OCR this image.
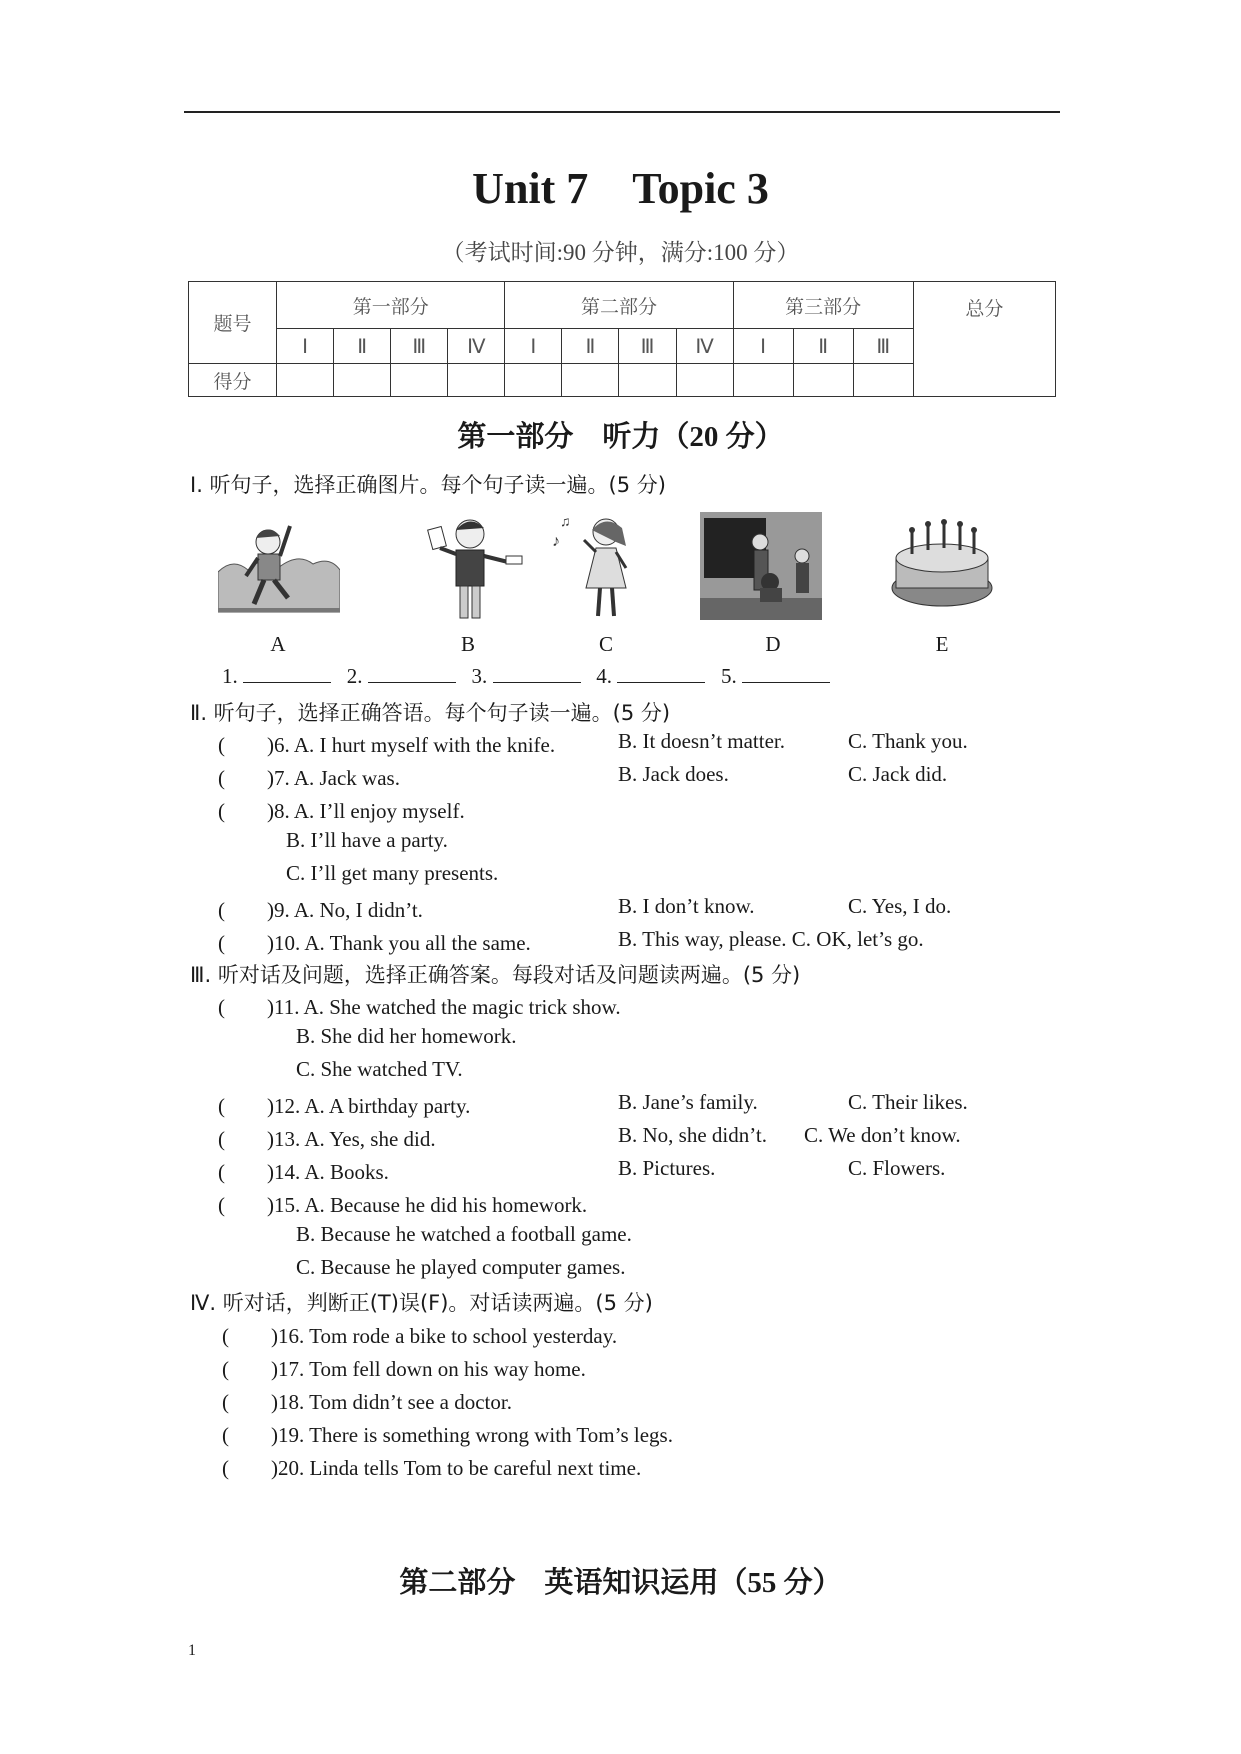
Unit 7　Topic 3
（考试时间:90 分钟，满分:100 分）
题号	第一部分				第二部分				第三部分			总分
	Ⅰ	Ⅱ	Ⅲ	Ⅳ	Ⅰ	Ⅱ	Ⅲ	Ⅳ	Ⅰ	Ⅱ	Ⅲ	
得分												
第一部分　听力（20 分）
Ⅰ. 听句子，选择正确图片。每个句子读一遍。(5 分)
A	B
♪
♫
C	D	E
1.	2.	3.	4.	5.
Ⅱ. 听句子，选择正确答语。每个句子读一遍。(5 分)
(　　)6. A. I hurt myself with the knife.	B. It doesn’t matter.	C. Thank you.
(　　)7. A. Jack was.	B. Jack does.	C. Jack did.
(　　)8. A. I’ll enjoy myself.
B. I’ll have a party.
C. I’ll get many presents.
(　　)9. A. No, I didn’t.	B. I don’t know.	C. Yes, I do.
(　　)10. A. Thank you all the same.	B. This way, please. C. OK, let’s go.
Ⅲ. 听对话及问题，选择正确答案。每段对话及问题读两遍。(5 分)
(　　)11. A. She watched the magic trick show.
B. She did her homework.
C. She watched TV.
(　　)12. A. A birthday party.	B. Jane’s family.	C. Their likes.
(　　)13. A. Yes, she did.	B. No, she didn’t. C. We don’t know.
(　　)14. A. Books.	B. Pictures.	C. Flowers.
(　　)15. A. Because he did his homework.
B. Because he watched a football game.
C. Because he played computer games.
Ⅳ. 听对话，判断正(T)误(F)。对话读两遍。(5 分)
(　　)16. Tom rode a bike to school yesterday.
(　　)17. Tom fell down on his way home.
(　　)18. Tom didn’t see a doctor.
(　　)19. There is something wrong with Tom’s legs.
(　　)20. Linda tells Tom to be careful next time.
第二部分　英语知识运用（55 分）
1
